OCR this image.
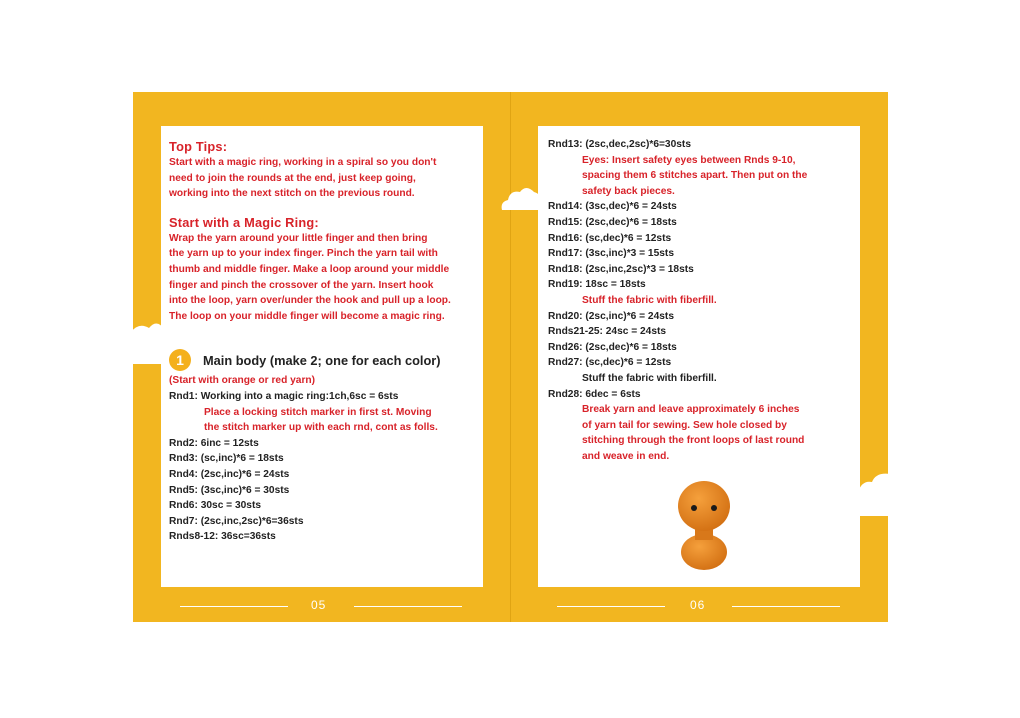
Top Tips:
Start with a magic ring, working in a spiral so you don't
need to join the rounds at the end, just keep going,
working into the next stitch on the previous round.
Start with a Magic Ring:
Wrap the yarn around your little finger and then bring
the yarn up to your index finger. Pinch the yarn tail with
thumb and middle finger. Make a loop around your middle
finger and pinch the crossover of the yarn. Insert hook
into the loop, yarn over/under the hook and pull up a loop.
The loop on your middle finger will become a magic ring.
1	Main body (make 2; one for each color)
(Start with orange or red yarn)
Rnd1: Working into a magic ring:1ch,6sc = 6sts
Place a locking stitch marker in first st. Moving
the stitch marker up with each rnd, cont as folls.
Rnd2: 6inc = 12sts
Rnd3: (sc,inc)*6 = 18sts
Rnd4: (2sc,inc)*6 = 24sts
Rnd5: (3sc,inc)*6 = 30sts
Rnd6: 30sc = 30sts
Rnd7: (2sc,inc,2sc)*6=36sts
Rnds8-12: 36sc=36sts
Rnd13: (2sc,dec,2sc)*6=30sts
Eyes: Insert safety eyes between Rnds 9-10,
spacing them 6 stitches apart. Then put on the
safety back pieces.
Rnd14: (3sc,dec)*6 = 24sts
Rnd15: (2sc,dec)*6 = 18sts
Rnd16: (sc,dec)*6 = 12sts
Rnd17: (3sc,inc)*3 = 15sts
Rnd18: (2sc,inc,2sc)*3 = 18sts
Rnd19: 18sc = 18sts
Stuff the fabric with fiberfill.
Rnd20: (2sc,inc)*6 = 24sts
Rnds21-25: 24sc = 24sts
Rnd26: (2sc,dec)*6 = 18sts
Rnd27: (sc,dec)*6 = 12sts
Stuff the fabric with fiberfill.
Rnd28: 6dec = 6sts
Break yarn and leave approximately 6 inches
of yarn tail for sewing. Sew hole closed by
stitching through the front loops of last round
and weave in end.
05	06
